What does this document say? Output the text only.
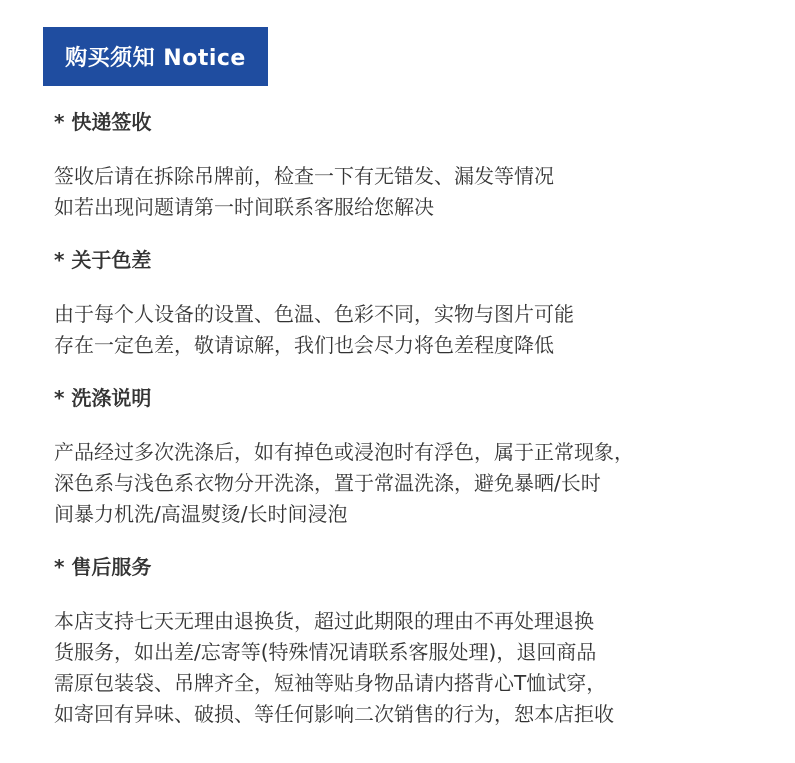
购买须知 Notice
* 快递签收
签收后请在拆除吊牌前，检查一下有无错发、漏发等情况
如若出现问题请第一时间联系客服给您解决
* 关于色差
由于每个人设备的设置、色温、色彩不同，实物与图片可能
存在一定色差，敬请谅解，我们也会尽力将色差程度降低
* 洗涤说明
产品经过多次洗涤后，如有掉色或浸泡时有浮色，属于正常现象，
深色系与浅色系衣物分开洗涤，置于常温洗涤，避免暴晒/长时
间暴力机洗/高温熨烫/长时间浸泡
* 售后服务
本店支持七天无理由退换货，超过此期限的理由不再处理退换
货服务，如出差/忘寄等(特殊情况请联系客服处理)，退回商品
需原包装袋、吊牌齐全，短袖等贴身物品请内搭背心T恤试穿，
如寄回有异味、破损、等任何影响二次销售的行为，恕本店拒收
